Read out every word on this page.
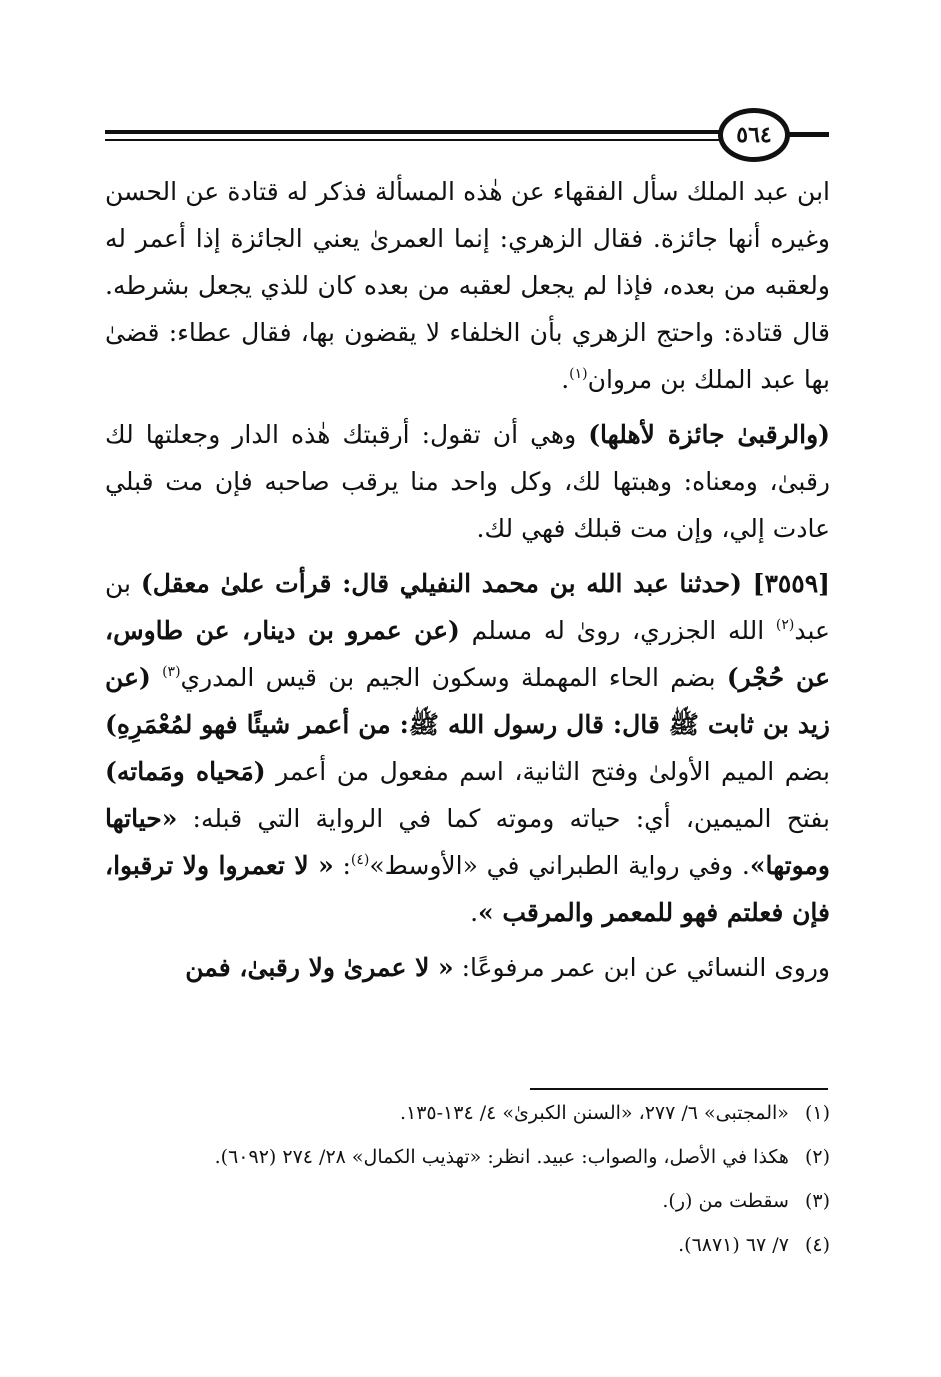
٥٦٤

ابن عبد الملك سأل الفقهاء عن هٰذه المسألة فذكر له قتادة عن الحسن وغيره أنها جائزة. فقال الزهري: إنما العمرىٰ يعني الجائزة إذا أعمر له ولعقبه من بعده، فإذا لم يجعل لعقبه من بعده كان للذي يجعل بشرطه. قال قتادة: واحتج الزهري بأن الخلفاء لا يقضون بها، فقال عطاء: قضىٰ بها عبد الملك بن مروان$^{(١)}$.

(والرقبىٰ جائزة لأهلها) وهي أن تقول: أرقبتك هٰذه الدار وجعلتها لك رقبىٰ، ومعناه: وهبتها لك، وكل واحد منا يرقب صاحبه فإن مت قبلي عادت إلي، وإن مت قبلك فهي لك.

[٣٥٥٩] (حدثنا عبد الله بن محمد النفيلي قال: قرأت علىٰ معقل) بن عبد$^{(٢)}$ الله الجزري، روىٰ له مسلم (عن عمرو بن دينار، عن طاوس، عن حُجْر) بضم الحاء المهملة وسكون الجيم بن قيس المدري$^{(٣)}$ (عن زيد بن ثابت ﷺ قال: قال رسول الله ﷺ: من أعمر شيئًا فهو لمُعْمَرِهِ) بضم الميم الأولىٰ وفتح الثانية، اسم مفعول من أعمر (مَحياه ومَماته) بفتح الميمين، أي: حياته وموته كما في الرواية التي قبله: «حياتها وموتها». وفي رواية الطبراني في «الأوسط»$^{(٤)}$: « لا تعمروا ولا ترقبوا، فإن فعلتم فهو للمعمر والمرقب ».

وروى النسائي عن ابن عمر مرفوعًا: « لا عمرىٰ ولا رقبىٰ، فمن

(١)«المجتبى» ٦/ ٢٧٧، «السنن الكبرىٰ» ٤/ ١٣٤-١٣٥.
(٢)هكذا في الأصل، والصواب: عبيد. انظر: «تهذيب الكمال» ٢٨/ ٢٧٤ (٦٠٩٢).
(٣)سقطت من (ر).
(٤)٧/ ٦٧ (٦٨٧١).
